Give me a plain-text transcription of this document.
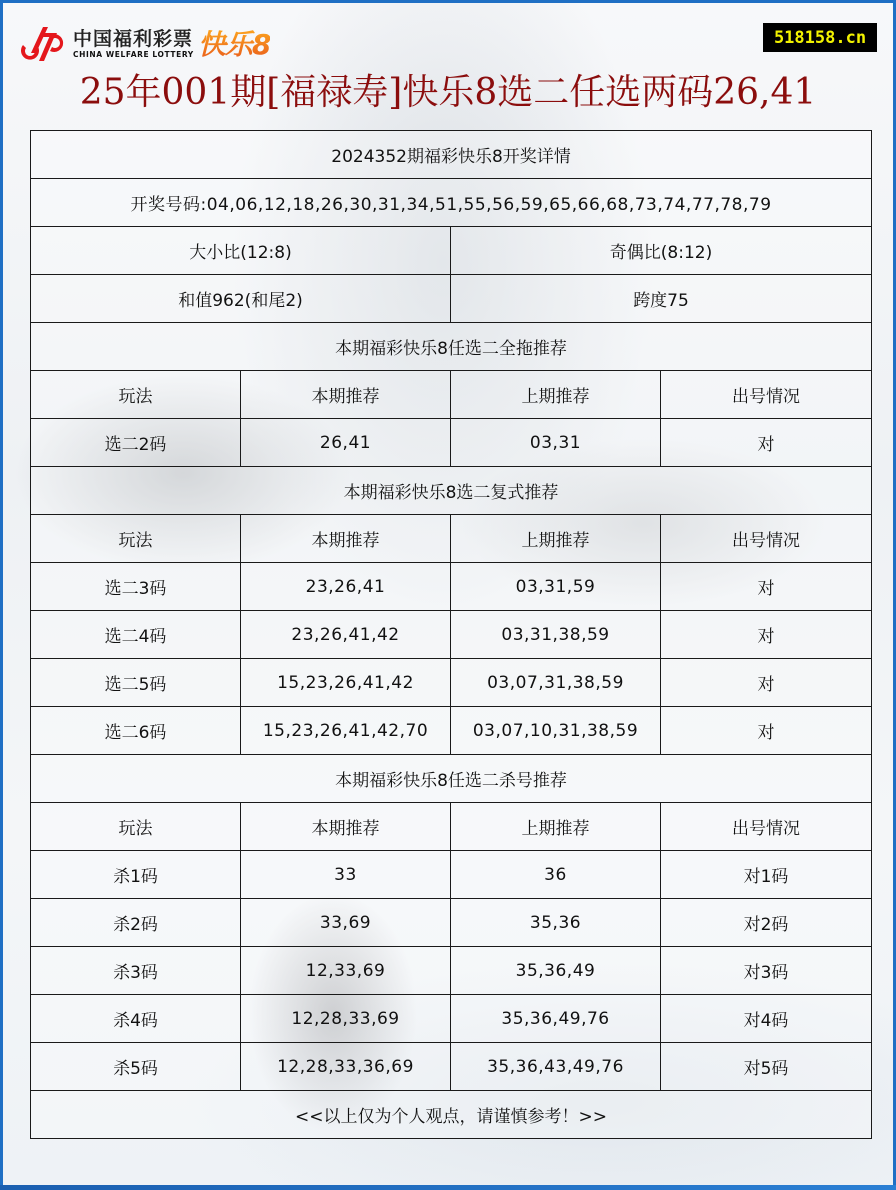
中国福利彩票
CHINA WELFARE LOTTERY 快乐8	518158.cn
25年001期[福禄寿]快乐8选二任选两码26,41
2024352期福彩快乐8开奖详情			
开奖号码:04,06,12,18,26,30,31,34,51,55,56,59,65,66,68,73,74,77,78,79			
大小比(12:8)		奇偶比(8:12)	
和值962(和尾2)		跨度75	
本期福彩快乐8任选二全拖推荐			
玩法	本期推荐	上期推荐	出号情况
选二2码	26,41	03,31	对
本期福彩快乐8选二复式推荐			
玩法	本期推荐	上期推荐	出号情况
选二3码	23,26,41	03,31,59	对
选二4码	23,26,41,42	03,31,38,59	对
选二5码	15,23,26,41,42	03,07,31,38,59	对
选二6码	15,23,26,41,42,70	03,07,10,31,38,59	对
本期福彩快乐8任选二杀号推荐			
玩法	本期推荐	上期推荐	出号情况
杀1码	33	36	对1码
杀2码	33,69	35,36	对2码
杀3码	12,33,69	35,36,49	对3码
杀4码	12,28,33,69	35,36,49,76	对4码
杀5码	12,28,33,36,69	35,36,43,49,76	对5码
<<以上仅为个人观点，请谨慎参考！>>			
